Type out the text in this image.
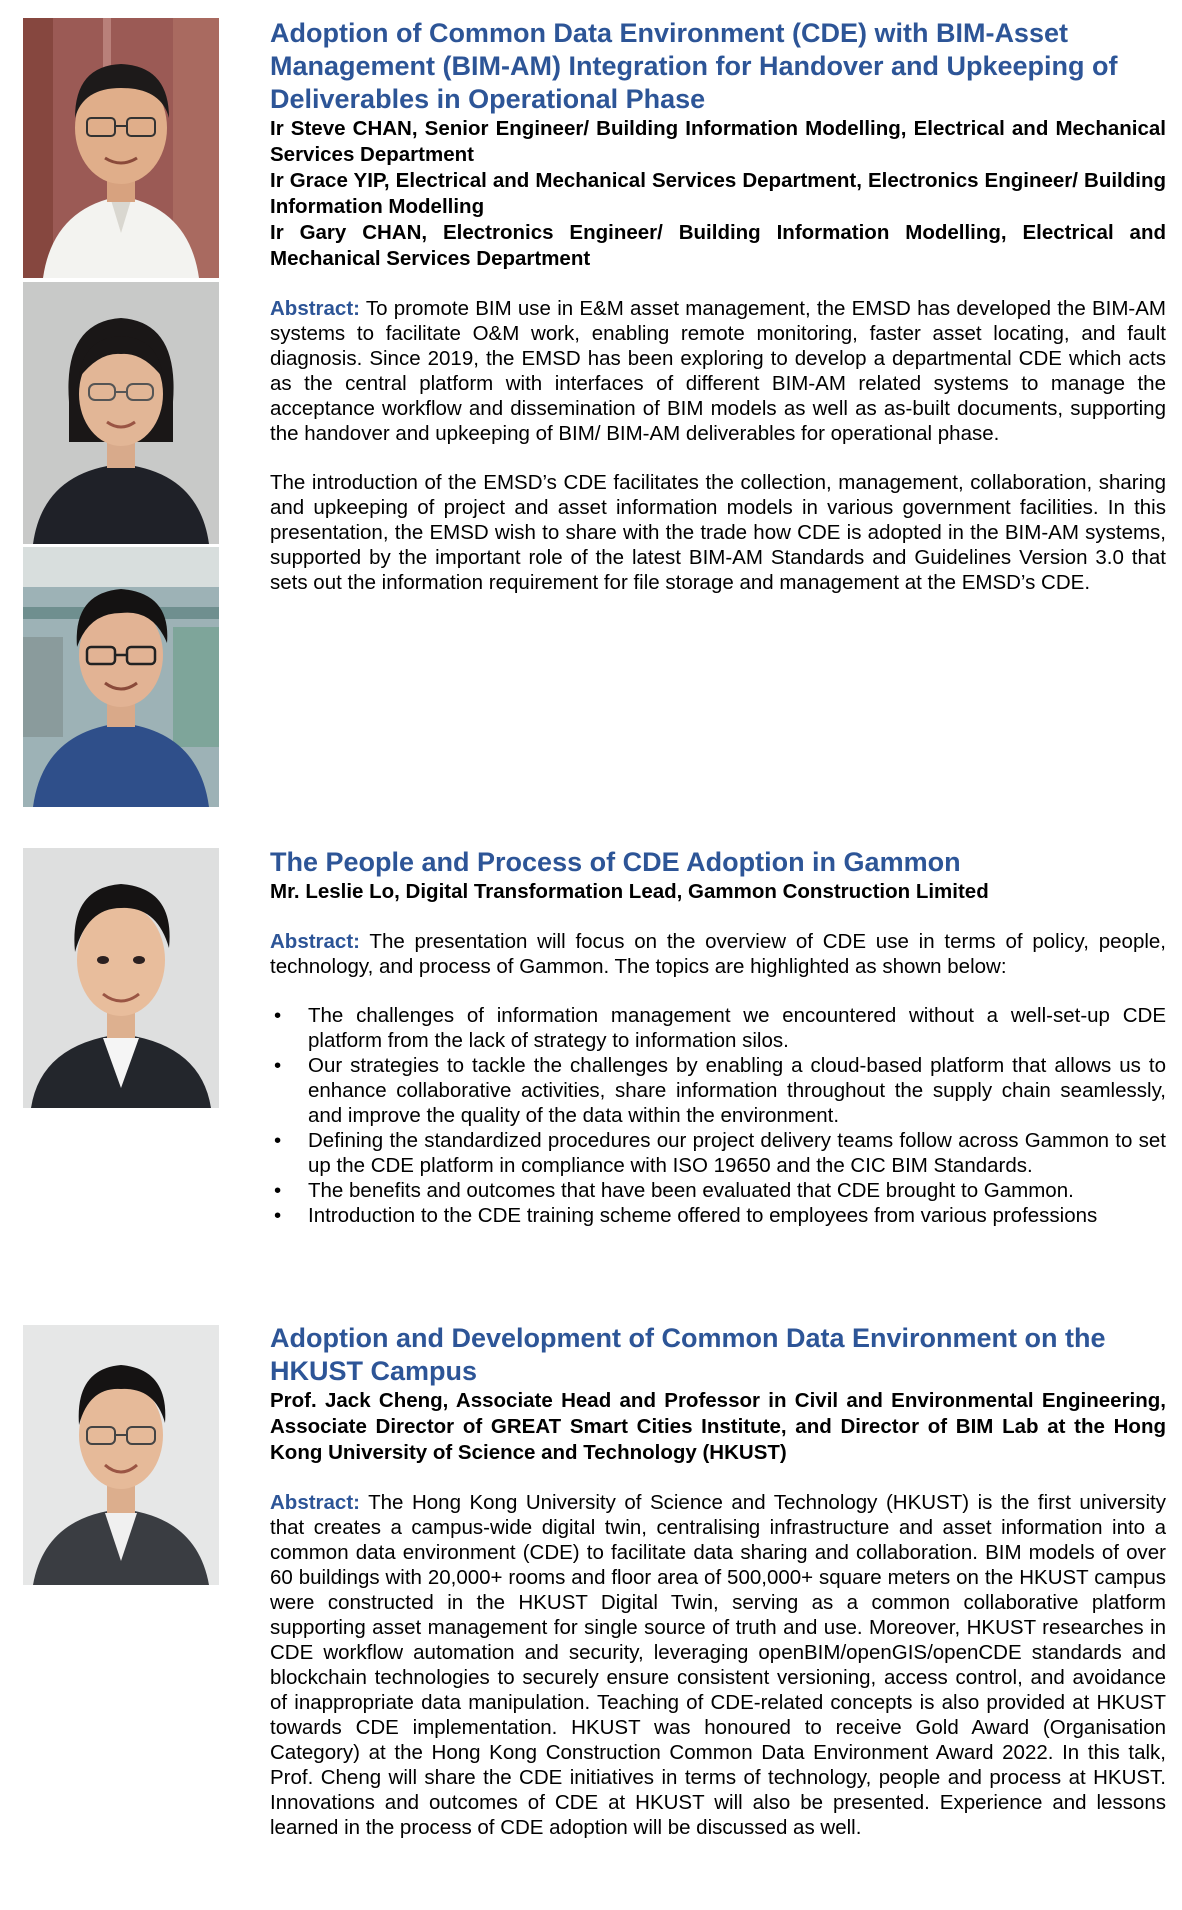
Adoption of Common Data Environment (CDE) with BIM-Asset Management (BIM-AM) Integration for Handover and Upkeeping of Deliverables in Operational Phase

Ir Steve CHAN, Senior Engineer/ Building Information Modelling, Electrical and Mechanical Services Department

Ir Grace YIP, Electrical and Mechanical Services Department, Electronics Engineer/ Building Information Modelling

Ir Gary CHAN, Electronics Engineer/ Building Information Modelling, Electrical and Mechanical Services Department

Abstract: To promote BIM use in E&M asset management, the EMSD has developed the BIM-AM systems to facilitate O&M work, enabling remote monitoring, faster asset locating, and fault diagnosis. Since 2019, the EMSD has been exploring to develop a departmental CDE which acts as the central platform with interfaces of different BIM-AM related systems to manage the acceptance workflow and dissemination of BIM models as well as as-built documents, supporting the handover and upkeeping of BIM/ BIM-AM deliverables for operational phase.

The introduction of the EMSD’s CDE facilitates the collection, management, collaboration, sharing and upkeeping of project and asset information models in various government facilities. In this presentation, the EMSD wish to share with the trade how CDE is adopted in the BIM-AM systems, supported by the important role of the latest BIM-AM Standards and Guidelines Version 3.0 that sets out the information requirement for file storage and management at the EMSD’s CDE.

The People and Process of CDE Adoption in Gammon

Mr. Leslie Lo, Digital Transformation Lead, Gammon Construction Limited

Abstract: The presentation will focus on the overview of CDE use in terms of policy, people, technology, and process of Gammon. The topics are highlighted as shown below:

• The challenges of information management we encountered without a well-set-up CDE platform from the lack of strategy to information silos.
• Our strategies to tackle the challenges by enabling a cloud-based platform that allows us to enhance collaborative activities, share information throughout the supply chain seamlessly, and improve the quality of the data within the environment.
• Defining the standardized procedures our project delivery teams follow across Gammon to set up the CDE platform in compliance with ISO 19650 and the CIC BIM Standards.
• The benefits and outcomes that have been evaluated that CDE brought to Gammon.
• Introduction to the CDE training scheme offered to employees from various professions
Adoption and Development of Common Data Environment on the HKUST Campus

Prof. Jack Cheng, Associate Head and Professor in Civil and Environmental Engineering, Associate Director of GREAT Smart Cities Institute, and Director of BIM Lab at the Hong Kong University of Science and Technology (HKUST)

Abstract: The Hong Kong University of Science and Technology (HKUST) is the first university that creates a campus-wide digital twin, centralising infrastructure and asset information into a common data environment (CDE) to facilitate data sharing and collaboration. BIM models of over 60 buildings with 20,000+ rooms and floor area of 500,000+ square meters on the HKUST campus were constructed in the HKUST Digital Twin, serving as a common collaborative platform supporting asset management for single source of truth and use. Moreover, HKUST researches in CDE workflow automation and security, leveraging openBIM/openGIS/openCDE standards and blockchain technologies to securely ensure consistent versioning, access control, and avoidance of inappropriate data manipulation. Teaching of CDE-related concepts is also provided at HKUST towards CDE implementation. HKUST was honoured to receive Gold Award (Organisation Category) at the Hong Kong Construction Common Data Environment Award 2022. In this talk, Prof. Cheng will share the CDE initiatives in terms of technology, people and process at HKUST. Innovations and outcomes of CDE at HKUST will also be presented. Experience and lessons learned in the process of CDE adoption will be discussed as well.
